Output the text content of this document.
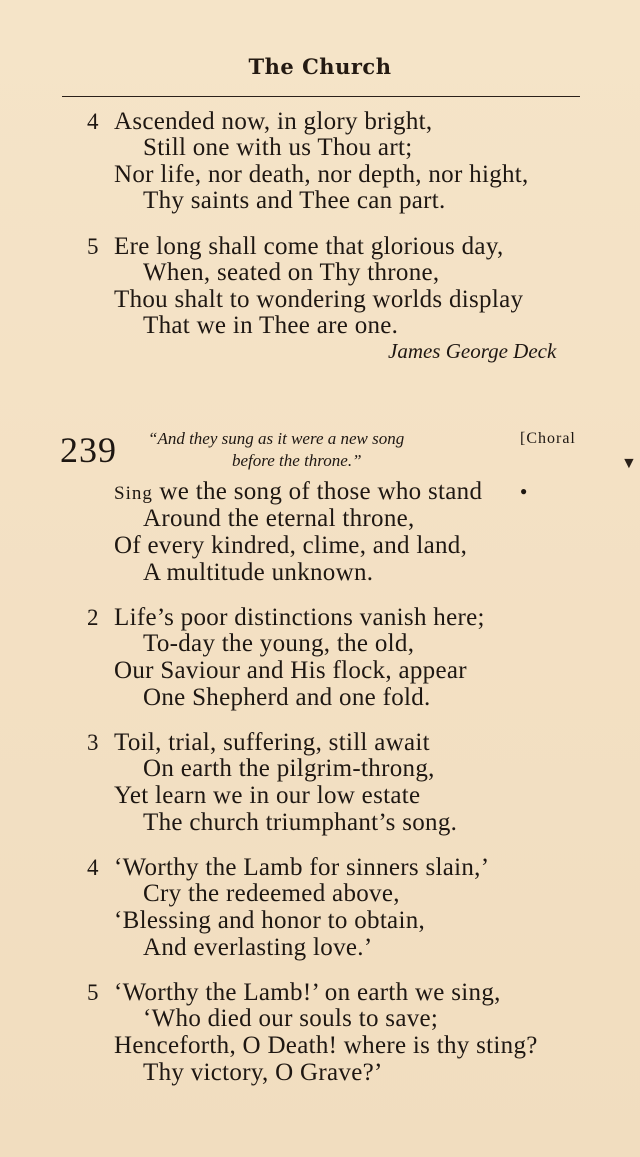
The Church
4 Ascended now, in glory bright,
Still one with us Thou art;
Nor life, nor death, nor depth, nor hight,
Thy saints and Thee can part.
5 Ere long shall come that glorious day,
When, seated on Thy throne,
Thou shalt to wondering worlds display
That we in Thee are one.
James George Deck
239 “And they sung as it were a new song
before the throne.”
[Choral
▼
Sing we the song of those who stand	●
Around the eternal throne,
Of every kindred, clime, and land,
A multitude unknown.
2 Life’s poor distinctions vanish here;
To-day the young, the old,
Our Saviour and His flock, appear
One Shepherd and one fold.
3 Toil, trial, suffering, still await
On earth the pilgrim-throng,
Yet learn we in our low estate
The church triumphant’s song.
4 ‘Worthy the Lamb for sinners slain,’
Cry the redeemed above,
‘Blessing and honor to obtain,
And everlasting love.’
5 ‘Worthy the Lamb!’ on earth we sing,
‘Who died our souls to save;
Henceforth, O Death! where is thy sting?
Thy victory, O Grave?’
